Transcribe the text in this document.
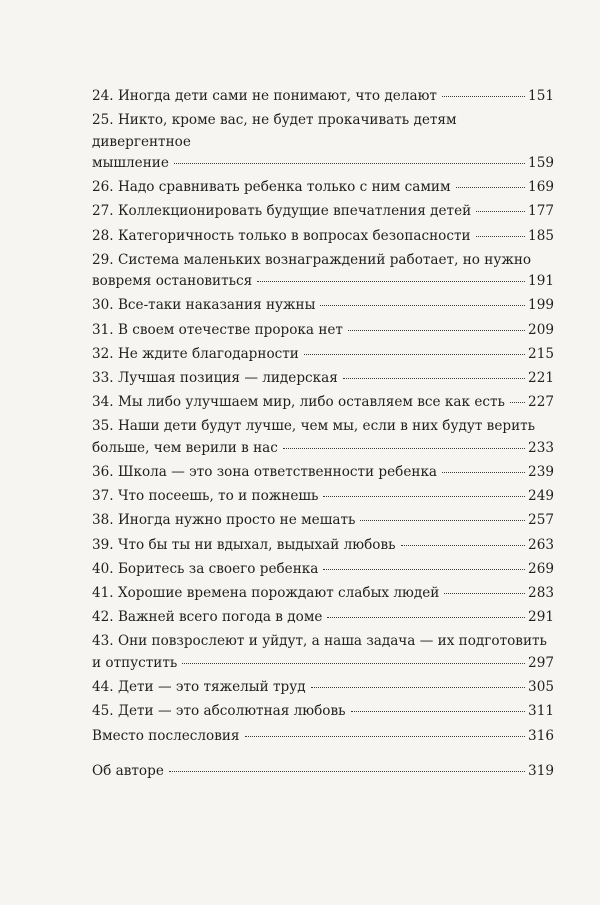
24. Иногда дети сами не понимают, что делают	151
25. Никто, кроме вас, не будет прокачивать детям дивергентное
мышление	159
26. Надо сравнивать ребенка только с ним самим	169
27. Коллекционировать будущие впечатления детей	177
28. Категоричность только в вопросах безопасности	185
29. Система маленьких вознаграждений работает, но нужно
вовремя остановиться	191
30. Все-таки наказания нужны	199
31. В своем отечестве пророка нет	209
32. Не ждите благодарности	215
33. Лучшая позиция — лидерская	221
34. Мы либо улучшаем мир, либо оставляем все как есть 227
35. Наши дети будут лучше, чем мы, если в них будут верить
больше, чем верили в нас	233
36. Школа — это зона ответственности ребенка	239
37. Что посеешь, то и пожнешь	249
38. Иногда нужно просто не мешать	257
39. Что бы ты ни вдыхал, выдыхай любовь	263
40. Боритесь за своего ребенка	269
41. Хорошие времена порождают слабых людей	283
42. Важней всего погода в доме	291
43. Они повзрослеют и уйдут, а наша задача — их подготовить
и отпустить	297
44. Дети — это тяжелый труд	305
45. Дети — это абсолютная любовь	311
Вместо послесловия	316
Об авторе	319
